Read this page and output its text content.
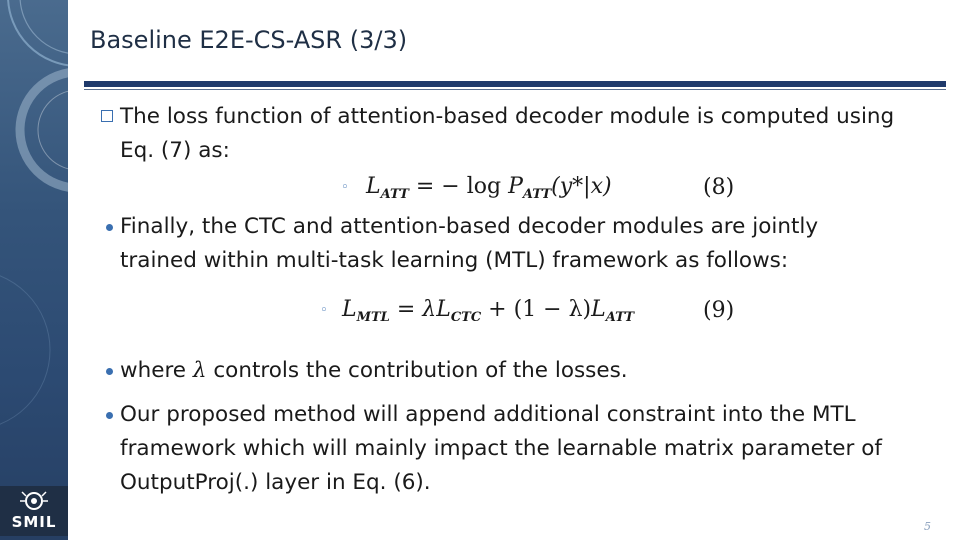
SMIL
Baseline E2E-CS-ASR (3/3)
The loss function of attention-based decoder module is computed using
Eq. (7) as:
◦ $L_{ATT}$ = − $\log P_{ATT}(y*|x)$	(8)
Finally, the CTC and attention-based decoder modules are jointly
trained within multi-task learning (MTL) framework as follows:
◦ $L_{MTL} = \lambda L_{CTC} + (1 - \lambda)L_{ATT}$	(9)
where λ controls the contribution of the losses.
Our proposed method will append additional constraint into the MTL
framework which will mainly impact the learnable matrix parameter of
OutputProj(.) layer in Eq. (6).
5
